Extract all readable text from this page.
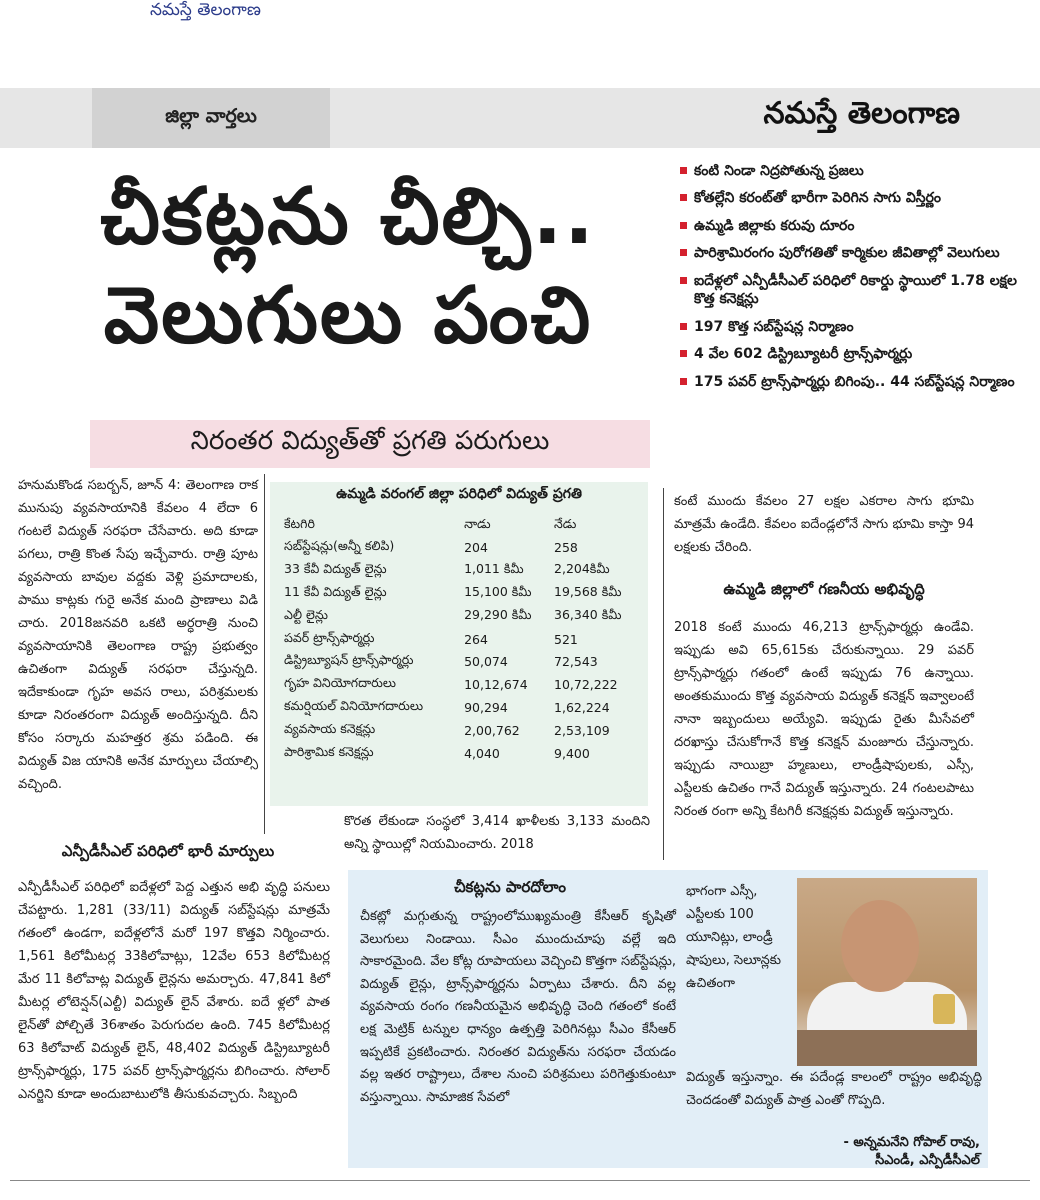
నమస్తే తెలంగాణ
జిల్లా వార్తలు	నమస్తే తెలంగాణ
చీకట్లను చీల్చి..
వెలుగులు పంచి
నిరంతర విద్యుత్‌తో ప్రగతి పరుగులు
కంటి నిండా నిద్రపోతున్న ప్రజలు
కోతల్లేని కరంట్‌తో భారీగా పెరిగిన సాగు విస్తీర్ణం
ఉమ్మడి జిల్లాకు కరువు దూరం
పారిశ్రామిరంగం పురోగతితో కార్మికుల జీవితాల్లో వెలుగులు
ఐదేళ్లలో ఎన్పీడీసీఎల్ పరిధిలో రికార్డు స్థాయిలో 1.78 లక్షల కొత్త కనెక్షన్లు
197 కొత్త సబ్‌స్టేషన్ల నిర్మాణం
4 వేల 602 డిస్ట్రిబ్యూటరీ ట్రాన్స్‌ఫార్మర్లు
175 పవర్ ట్రాన్స్‌ఫార్మర్లు బిగింపు.. 44 సబ్‌స్టేషన్ల నిర్మాణం

హనుమకొండ సబర్బన్, జూన్ 4: తెలంగాణ రాక మునుపు వ్యవసాయానికి కేవలం 4 లేదా 6 గంటలే విద్యుత్ సరఫరా చేసేవారు. అది కూడా పగలు, రాత్రి కొంత సేపు ఇచ్చేవారు. రాత్రి పూట వ్యవసాయ బావుల వద్దకు వెళ్లి ప్రమాదాలకు, పాము కాట్లకు గురై అనేక మంది ప్రాణాలు విడి చారు. 2018జనవరి ఒకటి అర్ధరాత్రి నుంచి వ్యవసాయానికి తెలంగాణ రాష్ట్ర ప్రభుత్వం ఉచితంగా విద్యుత్ సరఫరా చేస్తున్నది. ఇదేకాకుండా గృహ అవస రాలు, పరిశ్రమలకు కూడా నిరంతరంగా విద్యుత్ అందిస్తున్నది. దీని కోసం సర్కారు మహత్తర శ్రమ పడింది. ఈ విద్యుత్ విజ యానికి అనేక మార్పులు చేయాల్సి వచ్చింది.

ఎన్పీడీసీఎల్ పరిధిలో భారీ మార్పులు

ఎన్పీడీసీఎల్ పరిధిలో ఐదేళ్లలో పెద్ద ఎత్తున అభి వృద్ధి పనులు చేపట్టారు. 1,281 (33/11) విద్యుత్ సబ్‌స్టేషన్లు మాత్రమే గతంలో ఉండగా, ఐదేళ్లలోనే మరో 197 కొత్తవి నిర్మించారు. 1,561 కిలోమీటర్ల 33కిలోవాట్లు, 12వేల 653 కిలోమీటర్ల మేర 11 కిలోవాట్ల విద్యుత్ లైన్లను అమర్చారు. 47,841 కిలో మీటర్ల లోటెన్షన్(ఎల్టీ) విద్యుత్ లైన్ వేశారు. ఐదే ళ్లలో పాత లైన్‌తో పోల్చితే 36శాతం పెరుగుదల ఉంది. 745 కిలోమీటర్ల 63 కిలోవాట్ విద్యుత్ లైన్, 48,402 విద్యుత్ డిస్ట్రిబ్యూటరీ ట్రాన్స్‌ఫార్మర్లు, 175 పవర్ ట్రాన్స్‌ఫార్మర్లను బిగించారు. సోలార్ ఎనర్జిని కూడా అందుబాటులోకి తీసుకువచ్చారు. సిబ్బంది

ఉమ్మడి వరంగల్ జిల్లా పరిధిలో విద్యుత్ ప్రగతి
కేటగిరి	నాడు	నేడు
సబ్‌స్టేషన్లు(అన్నీ కలిపి)	204	258
33 కేవీ విద్యుత్ లైన్లు	1,011 కిమీ	2,204కిమీ
11 కేవీ విద్యుత్ లైన్లు	15,100 కిమీ	19,568 కిమీ
ఎల్టీ లైన్లు	29,290 కిమీ	36,340 కిమీ
పవర్ ట్రాన్స్‌ఫార్మర్లు	264	521
డిస్ట్రిబ్యూషన్ ట్రాన్స్‌ఫార్మర్లు	50,074	72,543
గృహ వినియోగదారులు	10,12,674	10,72,222
కమర్షియల్ వినియోగదారులు	90,294	1,62,224
వ్యవసాయ కనెక్షన్లు	2,00,762	2,53,109
పారిశ్రామిక కనెక్షన్లు	4,040	9,400

కొరత లేకుండా సంస్థలో 3,414 ఖాళీలకు 3,133 మందిని అన్ని స్థాయిల్లో నియమించారు. 2018

కంటే ముందు కేవలం 27 లక్షల ఎకరాల సాగు భూమి మాత్రమే ఉండేది. కేవలం ఐదేండ్లలోనే సాగు భూమి కాస్తా 94 లక్షలకు చేరింది.

ఉమ్మడి జిల్లాలో గణనీయ అభివృద్ధి

2018 కంటే ముందు 46,213 ట్రాన్స్‌ఫార్మర్లు ఉండేవి. ఇప్పుడు అవి 65,615కు చేరుకున్నాయి. 29 పవర్ ట్రాన్స్‌ఫార్మర్లు గతంలో ఉంటే ఇప్పుడు 76 ఉన్నాయి. అంతకుముందు కొత్త వ్యవసాయ విద్యుత్ కనెక్షన్ ఇవ్వాలంటే నానా ఇబ్బందులు అయ్యేవి. ఇప్పుడు రైతు మీసేవలో దరఖాస్తు చేసుకోగానే కొత్త కనెక్షన్ మంజూరు చేస్తున్నారు. ఇప్పుడు నాయిబ్రా హ్మణులు, లాండ్రీషాపులకు, ఎస్సీ, ఎస్టీలకు ఉచితం గానే విద్యుత్ ఇస్తున్నారు. 24 గంటలపాటు నిరంత రంగా అన్ని కేటగిరీ కనెక్షన్లకు విద్యుత్ ఇస్తున్నారు.

చీకట్లను పారదోలాం

చీకట్లో మగ్గుతున్న రాష్ట్రంలోముఖ్యమంత్రి కేసీఆర్ కృషితో వెలుగులు నిండాయి. సీఎం ముందుచూపు వల్లే ఇది సాకారమైంది. వేల కోట్ల రూపాయలు వెచ్చించి కొత్తగా సబ్‌స్టేషన్లు, విద్యుత్ లైన్లు, ట్రాన్స్‌ఫార్మర్లను ఏర్పాటు చేశారు. దీని వల్ల వ్యవసాయ రంగం గణనీయమైన అభివృద్ధి చెంది గతంలో కంటే లక్ష మెట్రిక్ టన్నుల ధాన్యం ఉత్పత్తి పెరిగినట్లు సీఎం కేసీఆర్ ఇప్పటికే ప్రకటించారు. నిరంతర విద్యుత్‌ను సరఫరా చేయడం వల్ల ఇతర రాష్ట్రాలు, దేశాల నుంచి పరిశ్రమలు పరిగెత్తుకుంటూ వస్తున్నాయి. సామాజిక సేవలో

భాగంగా ఎస్సీ, ఎస్టీలకు 100 యూనిట్లు, లాండ్రీ షాపులు, సెలూన్లకు ఉచితంగా

విద్యుత్ ఇస్తున్నాం. ఈ పదేండ్ల కాలంలో రాష్ట్రం అభివృద్ధి చెందడంతో విద్యుత్ పాత్ర ఎంతో గొప్పది.

- అన్నమనేని గోపాల్ రావు,
సీఎండీ, ఎన్పీడీసీఎల్
